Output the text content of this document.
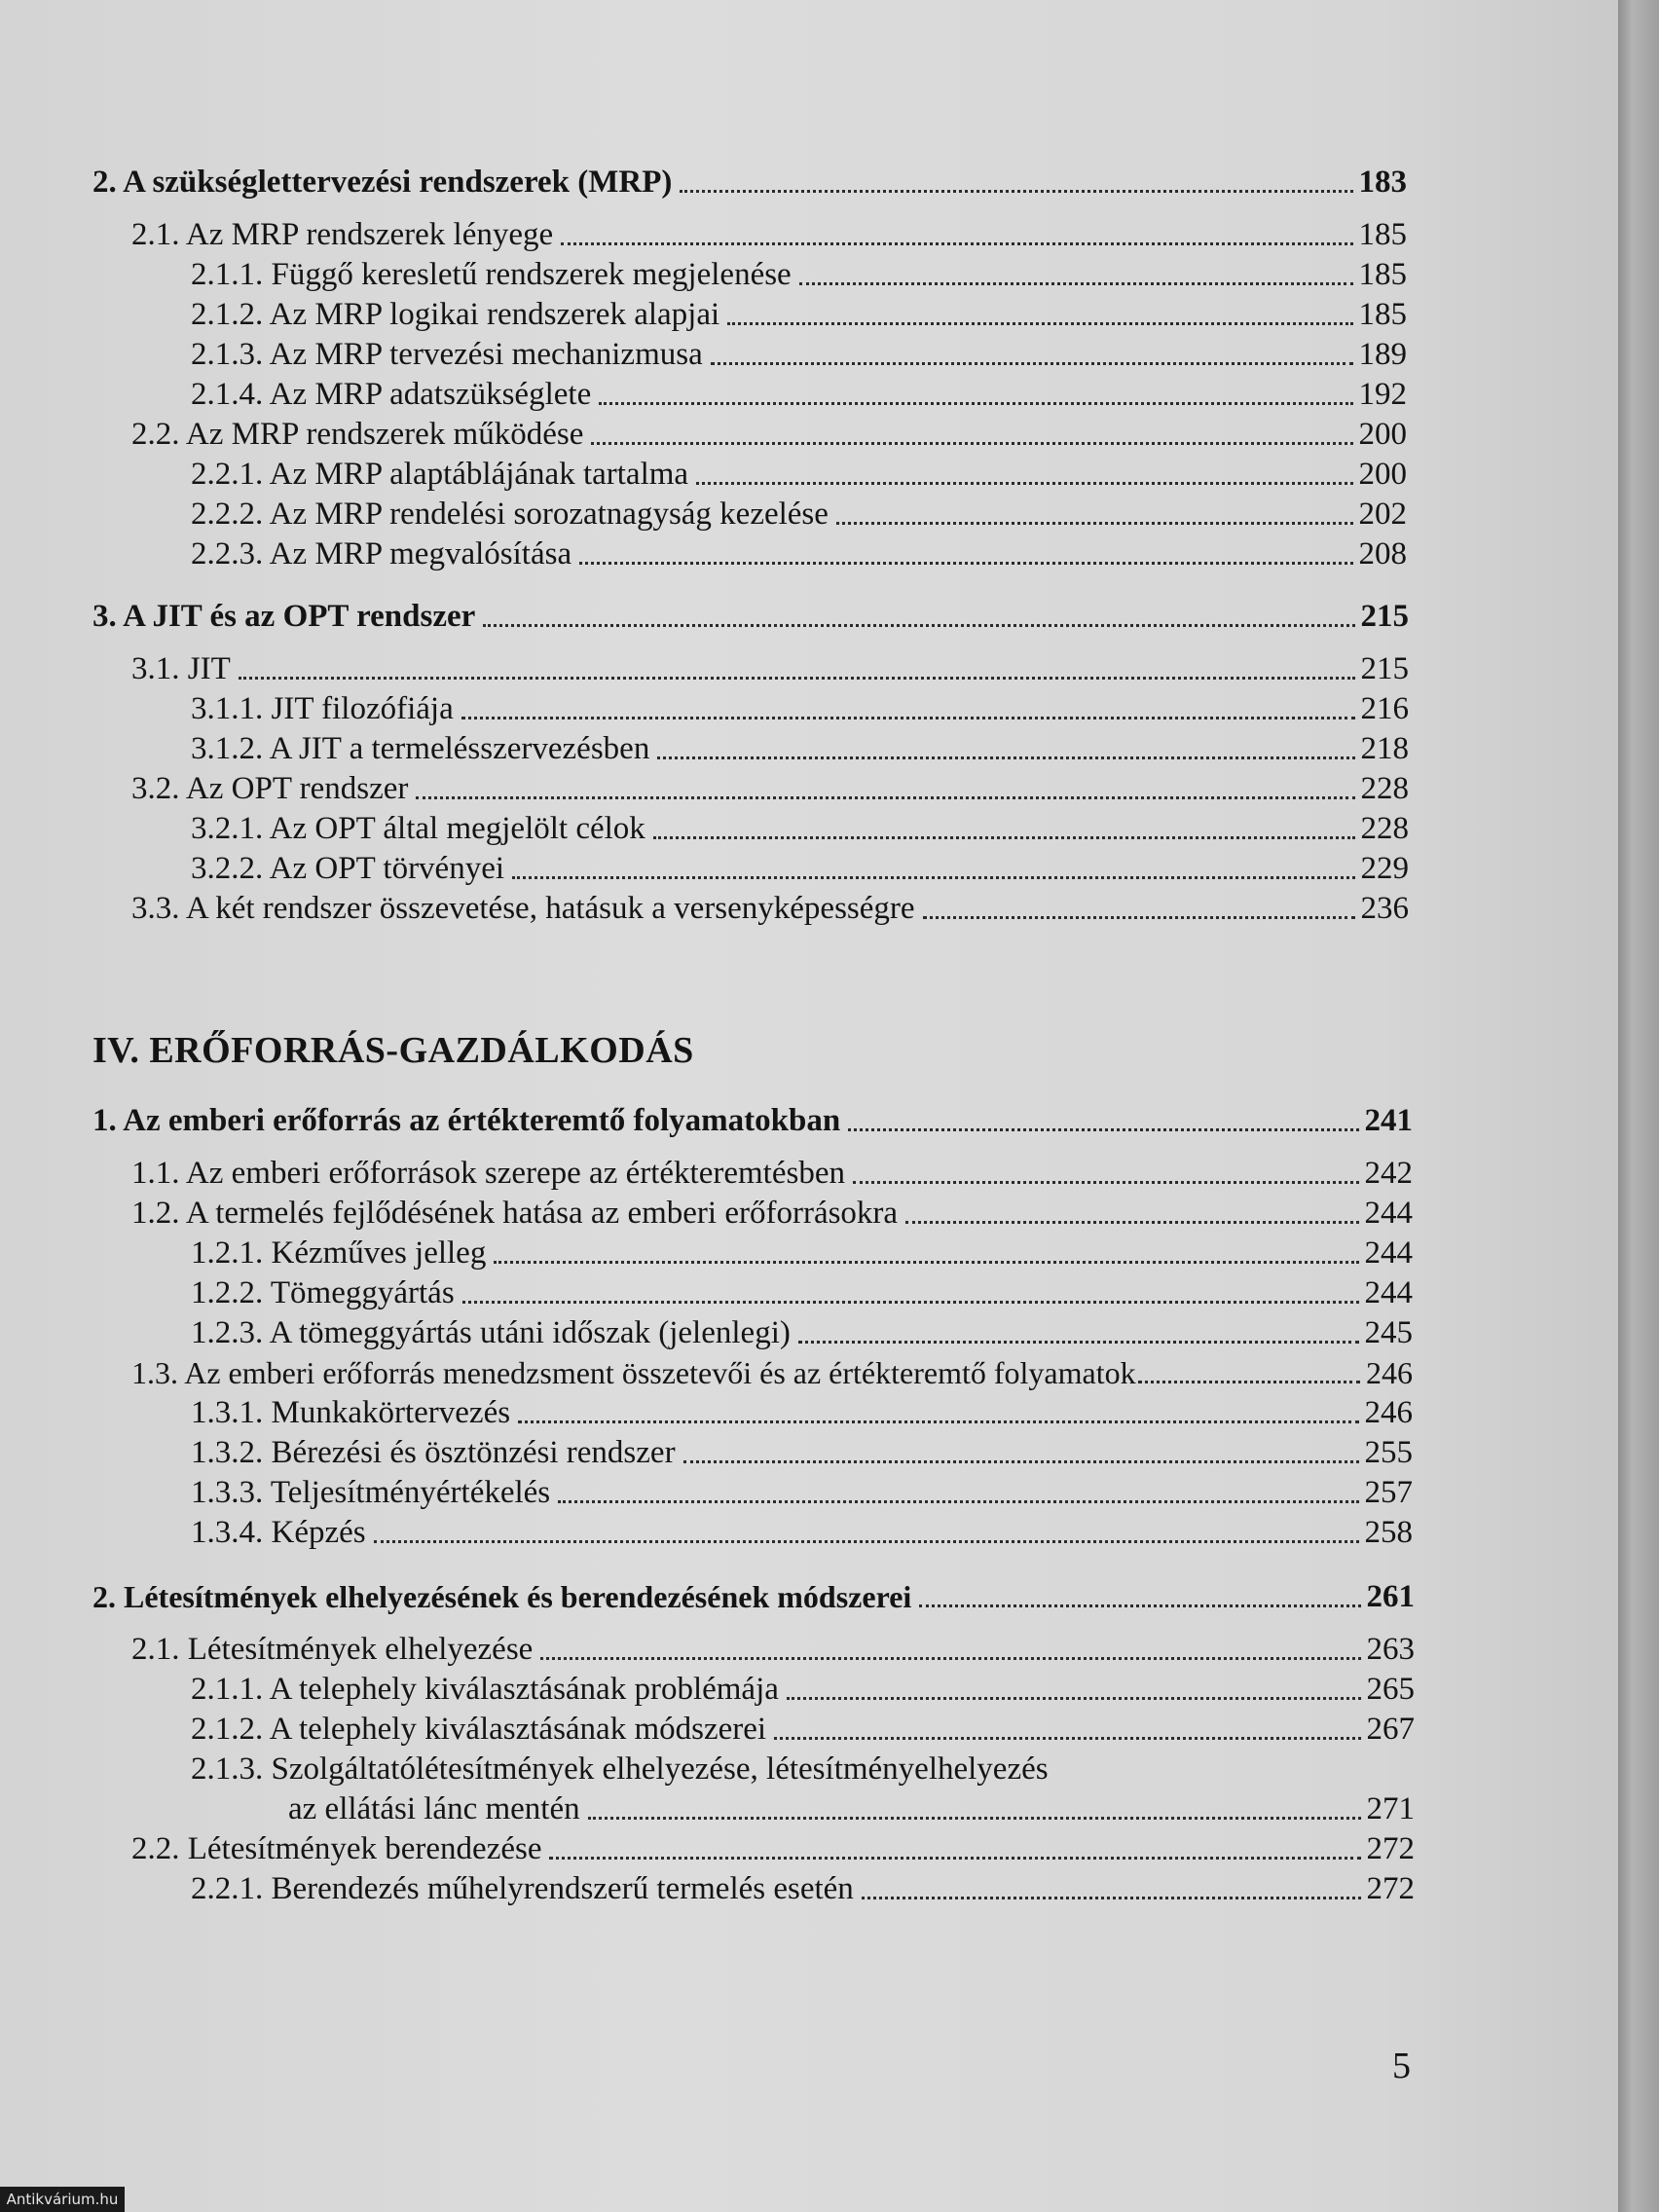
2. A szükséglettervezési rendszerek (MRP)	183
2.1. Az MRP rendszerek lényege	185
2.1.1. Függő keresletű rendszerek megjelenése	185
2.1.2. Az MRP logikai rendszerek alapjai	185
2.1.3. Az MRP tervezési mechanizmusa	189
2.1.4. Az MRP adatszükséglete	192
2.2. Az MRP rendszerek működése	200
2.2.1. Az MRP alaptáblájának tartalma	200
2.2.2. Az MRP rendelési sorozatnagyság kezelése	202
2.2.3. Az MRP megvalósítása	208
3. A JIT és az OPT rendszer	215
3.1. JIT	215
3.1.1. JIT filozófiája	216
3.1.2. A JIT a termelésszervezésben	218
3.2. Az OPT rendszer	228
3.2.1. Az OPT által megjelölt célok	228
3.2.2. Az OPT törvényei	229
3.3. A két rendszer összevetése, hatásuk a versenyképességre	236
IV. ERŐFORRÁS-GAZDÁLKODÁS
1. Az emberi erőforrás az értékteremtő folyamatokban	241
1.1. Az emberi erőforrások szerepe az értékteremtésben	242
1.2. A termelés fejlődésének hatása az emberi erőforrásokra	244
1.2.1. Kézműves jelleg	244
1.2.2. Tömeggyártás	244
1.2.3. A tömeggyártás utáni időszak (jelenlegi)	245
1.3. Az emberi erőforrás menedzsment összetevői és az értékteremtő folyamatok	246
1.3.1. Munkakörtervezés	246
1.3.2. Bérezési és ösztönzési rendszer	255
1.3.3. Teljesítményértékelés	257
1.3.4. Képzés	258
2. Létesítmények elhelyezésének és berendezésének módszerei	261
2.1. Létesítmények elhelyezése	263
2.1.1. A telephely kiválasztásának problémája	265
2.1.2. A telephely kiválasztásának módszerei	267
2.1.3. Szolgáltatólétesítmények elhelyezése, létesítményelhelyezés
az ellátási lánc mentén	271
2.2. Létesítmények berendezése	272
2.2.1. Berendezés műhelyrendszerű termelés esetén	272
5
Antikvárium.hu
